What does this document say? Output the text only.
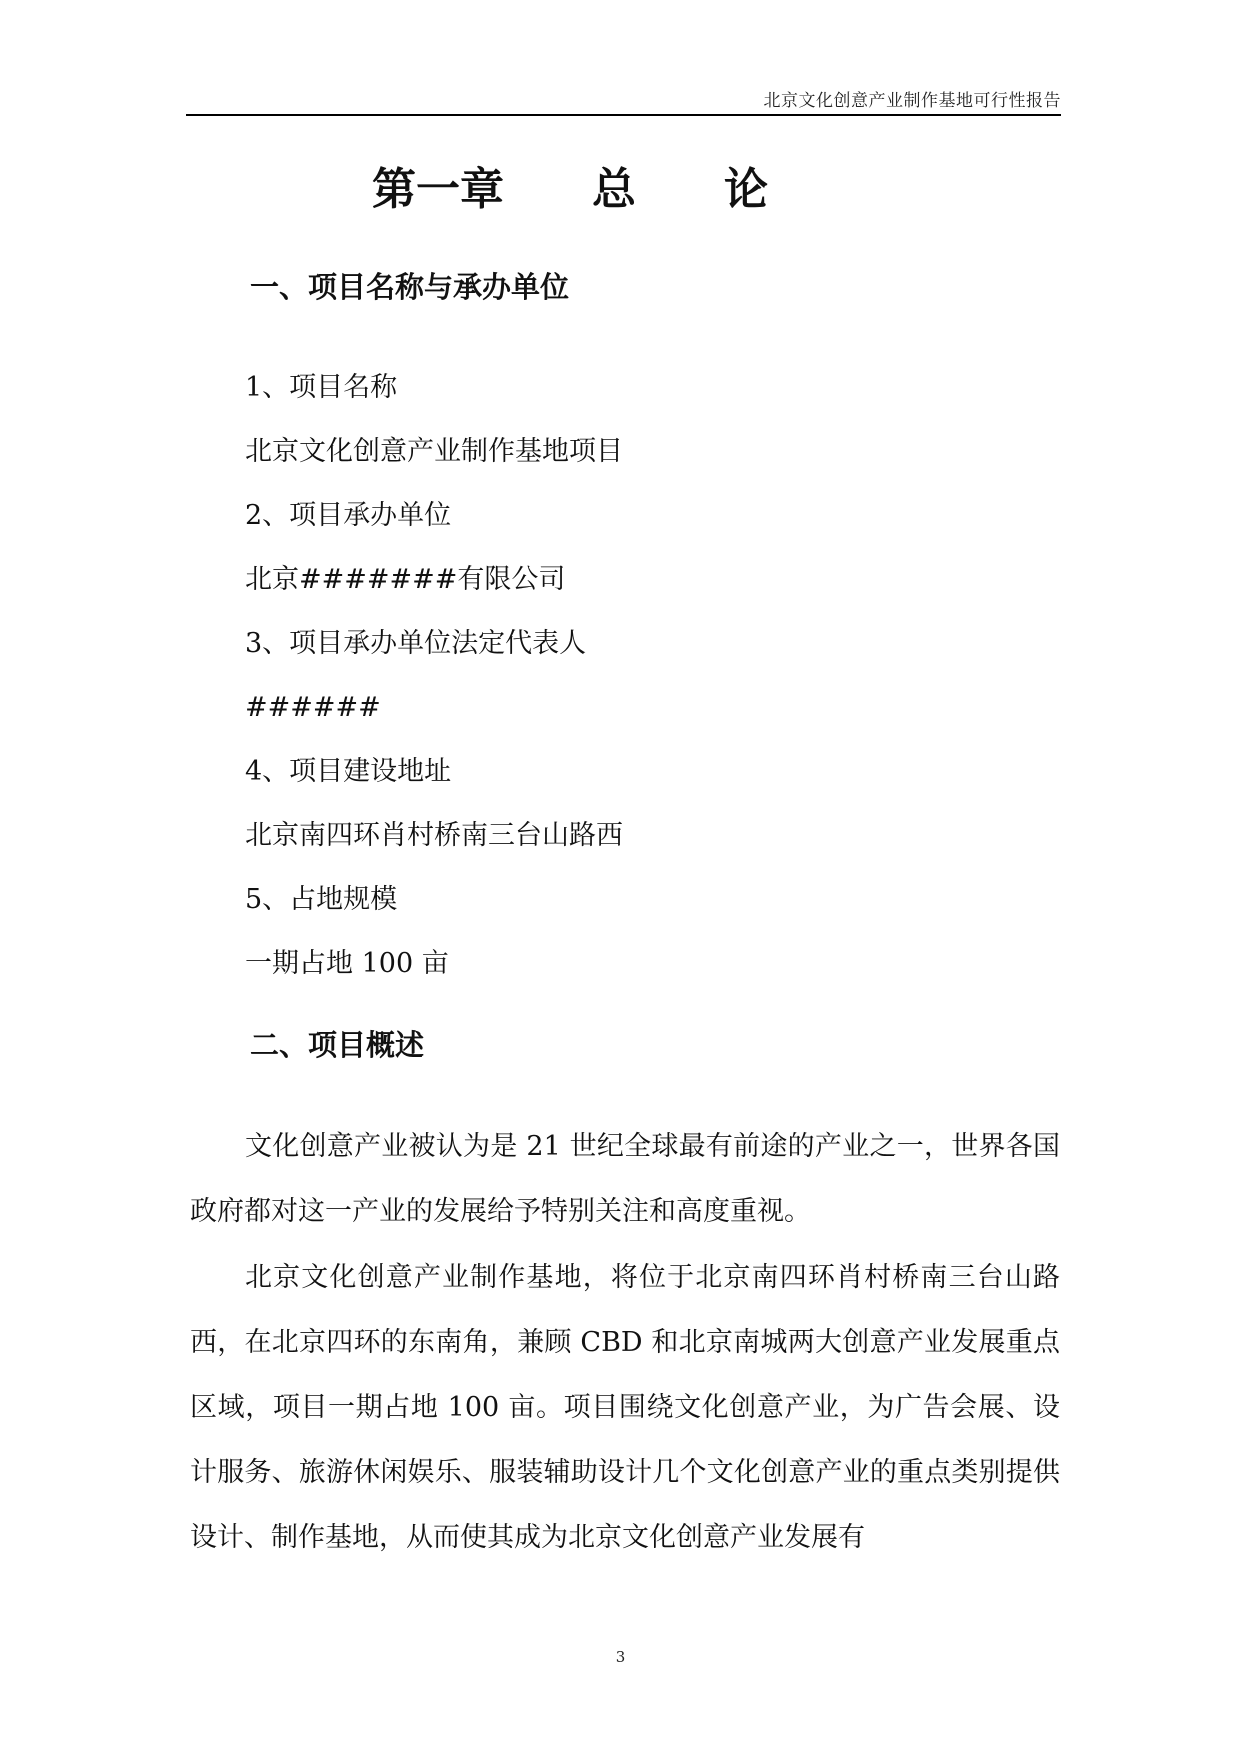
北京文化创意产业制作基地可行性报告
第一章　　总　　论
一、项目名称与承办单位
1、项目名称
北京文化创意产业制作基地项目
2、项目承办单位
北京#######有限公司
3、项目承办单位法定代表人
######
4、项目建设地址
北京南四环肖村桥南三台山路西
5、占地规模
一期占地 100 亩
二、项目概述
文化创意产业被认为是 21 世纪全球最有前途的产业之一，世界各国政府都对这一产业的发展给予特别关注和高度重视。
北京文化创意产业制作基地，将位于北京南四环肖村桥南三台山路西，在北京四环的东南角，兼顾 CBD 和北京南城两大创意产业发展重点区域，项目一期占地 100 亩。项目围绕文化创意产业，为广告会展、设计服务、旅游休闲娱乐、服装辅助设计几个文化创意产业的重点类别提供设计、制作基地，从而使其成为北京文化创意产业发展有
3
